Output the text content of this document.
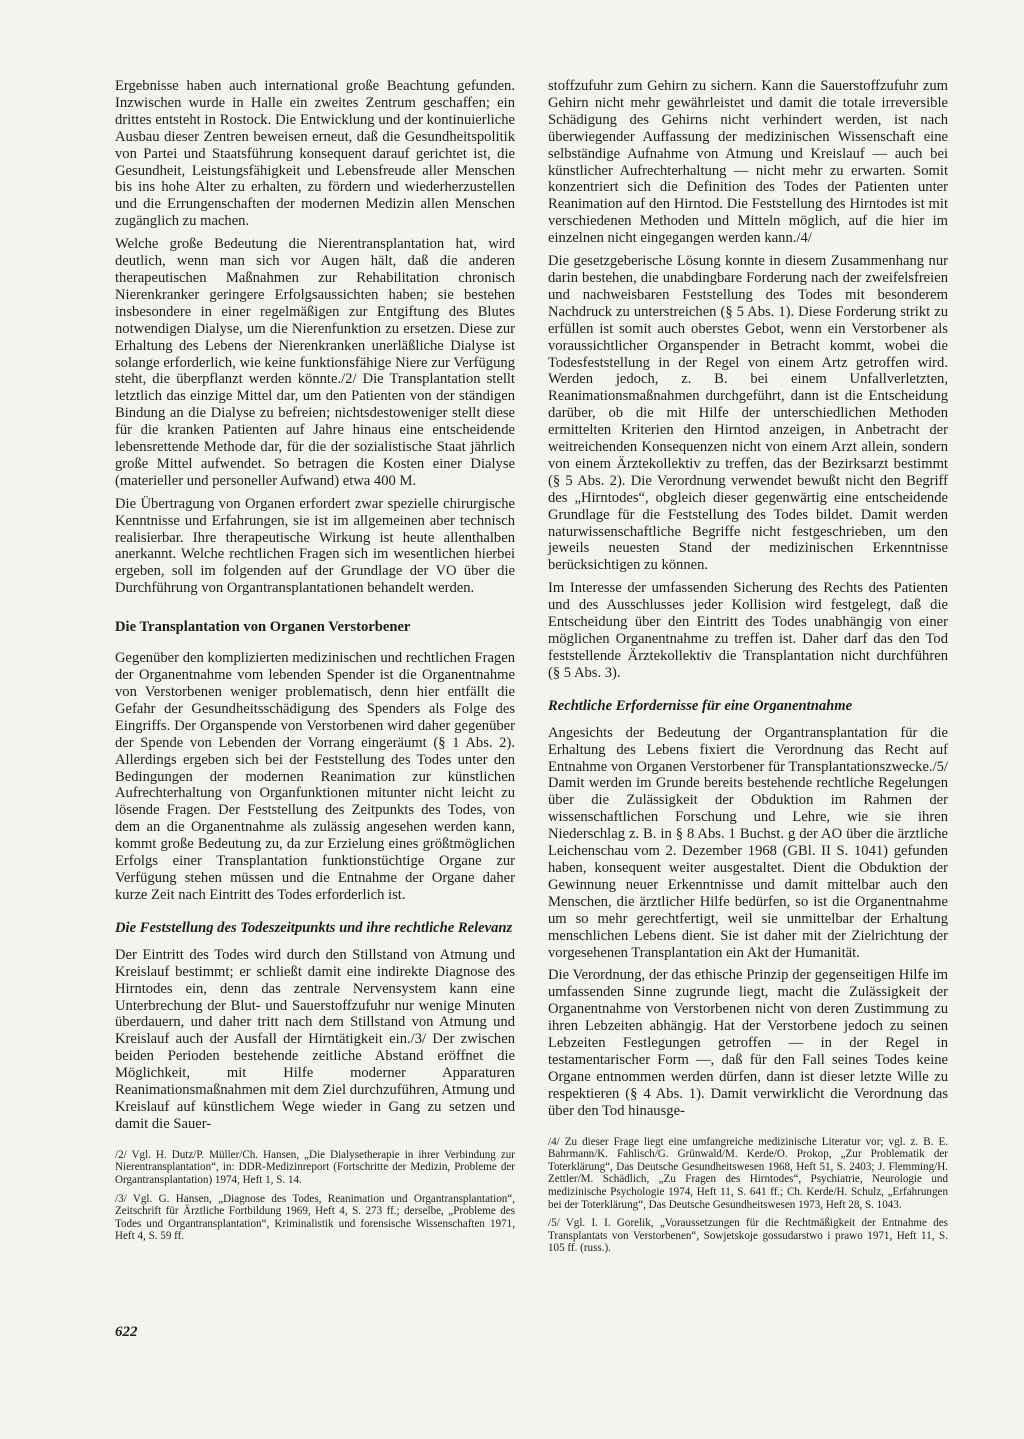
Ergebnisse haben auch international große Beachtung gefunden. Inzwischen wurde in Halle ein zweites Zentrum geschaffen; ein drittes entsteht in Rostock. Die Entwicklung und der kontinuierliche Ausbau dieser Zentren beweisen erneut, daß die Gesundheitspolitik von Partei und Staatsführung konsequent darauf gerichtet ist, die Gesundheit, Leistungsfähigkeit und Lebensfreude aller Menschen bis ins hohe Alter zu erhalten, zu fördern und wiederherzustellen und die Errungenschaften der modernen Medizin allen Menschen zugänglich zu machen.

Welche große Bedeutung die Nierentransplantation hat, wird deutlich, wenn man sich vor Augen hält, daß die anderen therapeutischen Maßnahmen zur Rehabilitation chronisch Nierenkranker geringere Erfolgsaussichten haben; sie bestehen insbesondere in einer regelmäßigen zur Entgiftung des Blutes notwendigen Dialyse, um die Nierenfunktion zu ersetzen. Diese zur Erhaltung des Lebens der Nierenkranken unerläßliche Dialyse ist solange erforderlich, wie keine funktionsfähige Niere zur Verfügung steht, die überpflanzt werden könnte./2/ Die Transplantation stellt letztlich das einzige Mittel dar, um den Patienten von der ständigen Bindung an die Dialyse zu befreien; nichtsdestoweniger stellt diese für die kranken Patienten auf Jahre hinaus eine entscheidende lebensrettende Methode dar, für die der sozialistische Staat jährlich große Mittel aufwendet. So betragen die Kosten einer Dialyse (materieller und personeller Aufwand) etwa 400 M.

Die Übertragung von Organen erfordert zwar spezielle chirurgische Kenntnisse und Erfahrungen, sie ist im allgemeinen aber technisch realisierbar. Ihre therapeutische Wirkung ist heute allenthalben anerkannt. Welche rechtlichen Fragen sich im wesentlichen hierbei ergeben, soll im folgenden auf der Grundlage der VO über die Durchführung von Organtransplantationen behandelt werden.

Die Transplantation von Organen Verstorbener

Gegenüber den komplizierten medizinischen und rechtlichen Fragen der Organentnahme vom lebenden Spender ist die Organentnahme von Verstorbenen weniger problematisch, denn hier entfällt die Gefahr der Gesundheitsschädigung des Spenders als Folge des Eingriffs. Der Organspende von Verstorbenen wird daher gegenüber der Spende von Lebenden der Vorrang eingeräumt (§ 1 Abs. 2). Allerdings ergeben sich bei der Feststellung des Todes unter den Bedingungen der modernen Reanimation zur künstlichen Aufrechterhaltung von Organfunktionen mitunter nicht leicht zu lösende Fragen. Der Feststellung des Zeitpunkts des Todes, von dem an die Organentnahme als zulässig angesehen werden kann, kommt große Bedeutung zu, da zur Erzielung eines größtmöglichen Erfolgs einer Transplantation funktionstüchtige Organe zur Verfügung stehen müssen und die Entnahme der Organe daher kurze Zeit nach Eintritt des Todes erforderlich ist.

Die Feststellung des Todeszeitpunkts und ihre rechtliche Relevanz

Der Eintritt des Todes wird durch den Stillstand von Atmung und Kreislauf bestimmt; er schließt damit eine indirekte Diagnose des Hirntodes ein, denn das zentrale Nervensystem kann eine Unterbrechung der Blut- und Sauerstoffzufuhr nur wenige Minuten überdauern, und daher tritt nach dem Stillstand von Atmung und Kreislauf auch der Ausfall der Hirntätigkeit ein./3/ Der zwischen beiden Perioden bestehende zeitliche Abstand eröffnet die Möglichkeit, mit Hilfe moderner Apparaturen Reanimationsmaßnahmen mit dem Ziel durchzuführen, Atmung und Kreislauf auf künstlichem Wege wieder in Gang zu setzen und damit die Sauer-

/2/ Vgl. H. Dutz/P. Müller/Ch. Hansen, „Die Dialysetherapie in ihrer Verbindung zur Nierentransplantation“, in: DDR-Medizinreport (Fortschritte der Medizin, Probleme der Organtransplantation) 1974, Heft 1, S. 14.

/3/ Vgl. G. Hansen, „Diagnose des Todes, Reanimation und Organtransplantation“, Zeitschrift für Ärztliche Fortbildung 1969, Heft 4, S. 273 ff.; derselbe, „Probleme des Todes und Organtransplantation“, Kriminalistik und forensische Wissenschaften 1971, Heft 4, S. 59 ff.

stoffzufuhr zum Gehirn zu sichern. Kann die Sauerstoffzufuhr zum Gehirn nicht mehr gewährleistet und damit die totale irreversible Schädigung des Gehirns nicht verhindert werden, ist nach überwiegender Auffassung der medizinischen Wissenschaft eine selbständige Aufnahme von Atmung und Kreislauf — auch bei künstlicher Aufrechterhaltung — nicht mehr zu erwarten. Somit konzentriert sich die Definition des Todes der Patienten unter Reanimation auf den Hirntod. Die Feststellung des Hirntodes ist mit verschiedenen Methoden und Mitteln möglich, auf die hier im einzelnen nicht eingegangen werden kann./4/

Die gesetzgeberische Lösung konnte in diesem Zusammenhang nur darin bestehen, die unabdingbare Forderung nach der zweifelsfreien und nachweisbaren Feststellung des Todes mit besonderem Nachdruck zu unterstreichen (§ 5 Abs. 1). Diese Forderung strikt zu erfüllen ist somit auch oberstes Gebot, wenn ein Verstorbener als voraussichtlicher Organspender in Betracht kommt, wobei die Todesfeststellung in der Regel von einem Artz getroffen wird. Werden jedoch, z. B. bei einem Unfallverletzten, Reanimationsmaßnahmen durchgeführt, dann ist die Entscheidung darüber, ob die mit Hilfe der unterschiedlichen Methoden ermittelten Kriterien den Hirntod anzeigen, in Anbetracht der weitreichenden Konsequenzen nicht von einem Arzt allein, sondern von einem Ärztekollektiv zu treffen, das der Bezirksarzt bestimmt (§ 5 Abs. 2). Die Verordnung verwendet bewußt nicht den Begriff des „Hirntodes“, obgleich dieser gegenwärtig eine entscheidende Grundlage für die Feststellung des Todes bildet. Damit werden naturwissenschaftliche Begriffe nicht festgeschrieben, um den jeweils neuesten Stand der medizinischen Erkenntnisse berücksichtigen zu können.

Im Interesse der umfassenden Sicherung des Rechts des Patienten und des Ausschlusses jeder Kollision wird festgelegt, daß die Entscheidung über den Eintritt des Todes unabhängig von einer möglichen Organentnahme zu treffen ist. Daher darf das den Tod feststellende Ärztekollektiv die Transplantation nicht durchführen (§ 5 Abs. 3).

Rechtliche Erfordernisse für eine Organentnahme

Angesichts der Bedeutung der Organtransplantation für die Erhaltung des Lebens fixiert die Verordnung das Recht auf Entnahme von Organen Verstorbener für Transplantationszwecke./5/ Damit werden im Grunde bereits bestehende rechtliche Regelungen über die Zulässigkeit der Obduktion im Rahmen der wissenschaftlichen Forschung und Lehre, wie sie ihren Niederschlag z. B. in § 8 Abs. 1 Buchst. g der AO über die ärztliche Leichenschau vom 2. Dezember 1968 (GBl. II S. 1041) gefunden haben, konsequent weiter ausgestaltet. Dient die Obduktion der Gewinnung neuer Erkenntnisse und damit mittelbar auch den Menschen, die ärztlicher Hilfe bedürfen, so ist die Organentnahme um so mehr gerechtfertigt, weil sie unmittelbar der Erhaltung menschlichen Lebens dient. Sie ist daher mit der Zielrichtung der vorgesehenen Transplantation ein Akt der Humanität.

Die Verordnung, der das ethische Prinzip der gegenseitigen Hilfe im umfassenden Sinne zugrunde liegt, macht die Zulässigkeit der Organentnahme von Verstorbenen nicht von deren Zustimmung zu ihren Lebzeiten abhängig. Hat der Verstorbene jedoch zu seinen Lebzeiten Festlegungen getroffen — in der Regel in testamentarischer Form —, daß für den Fall seines Todes keine Organe entnommen werden dürfen, dann ist dieser letzte Wille zu respektieren (§ 4 Abs. 1). Damit verwirklicht die Verordnung das über den Tod hinausge-

/4/ Zu dieser Frage liegt eine umfangreiche medizinische Literatur vor; vgl. z. B. E. Bahrmann/K. Fahlisch/G. Grünwald/M. Kerde/O. Prokop, „Zur Problematik der Toterklärung“, Das Deutsche Gesundheitswesen 1968, Heft 51, S. 2403; J. Flemming/H. Zettler/M. Schädlich, „Zu Fragen des Hirntodes“, Psychiatrie, Neurologie und medizinische Psychologie 1974, Heft 11, S. 641 ff.; Ch. Kerde/H. Schulz, „Erfahrungen bei der Toterklärung“, Das Deutsche Gesundheitswesen 1973, Heft 28, S. 1043.

/5/ Vgl. I. I. Gorelik, „Voraussetzungen für die Rechtmäßigkeit der Entnahme des Transplantats von Verstorbenen“, Sowjetskoje gossudarstwo i prawo 1971, Heft 11, S. 105 ff. (russ.).

622
